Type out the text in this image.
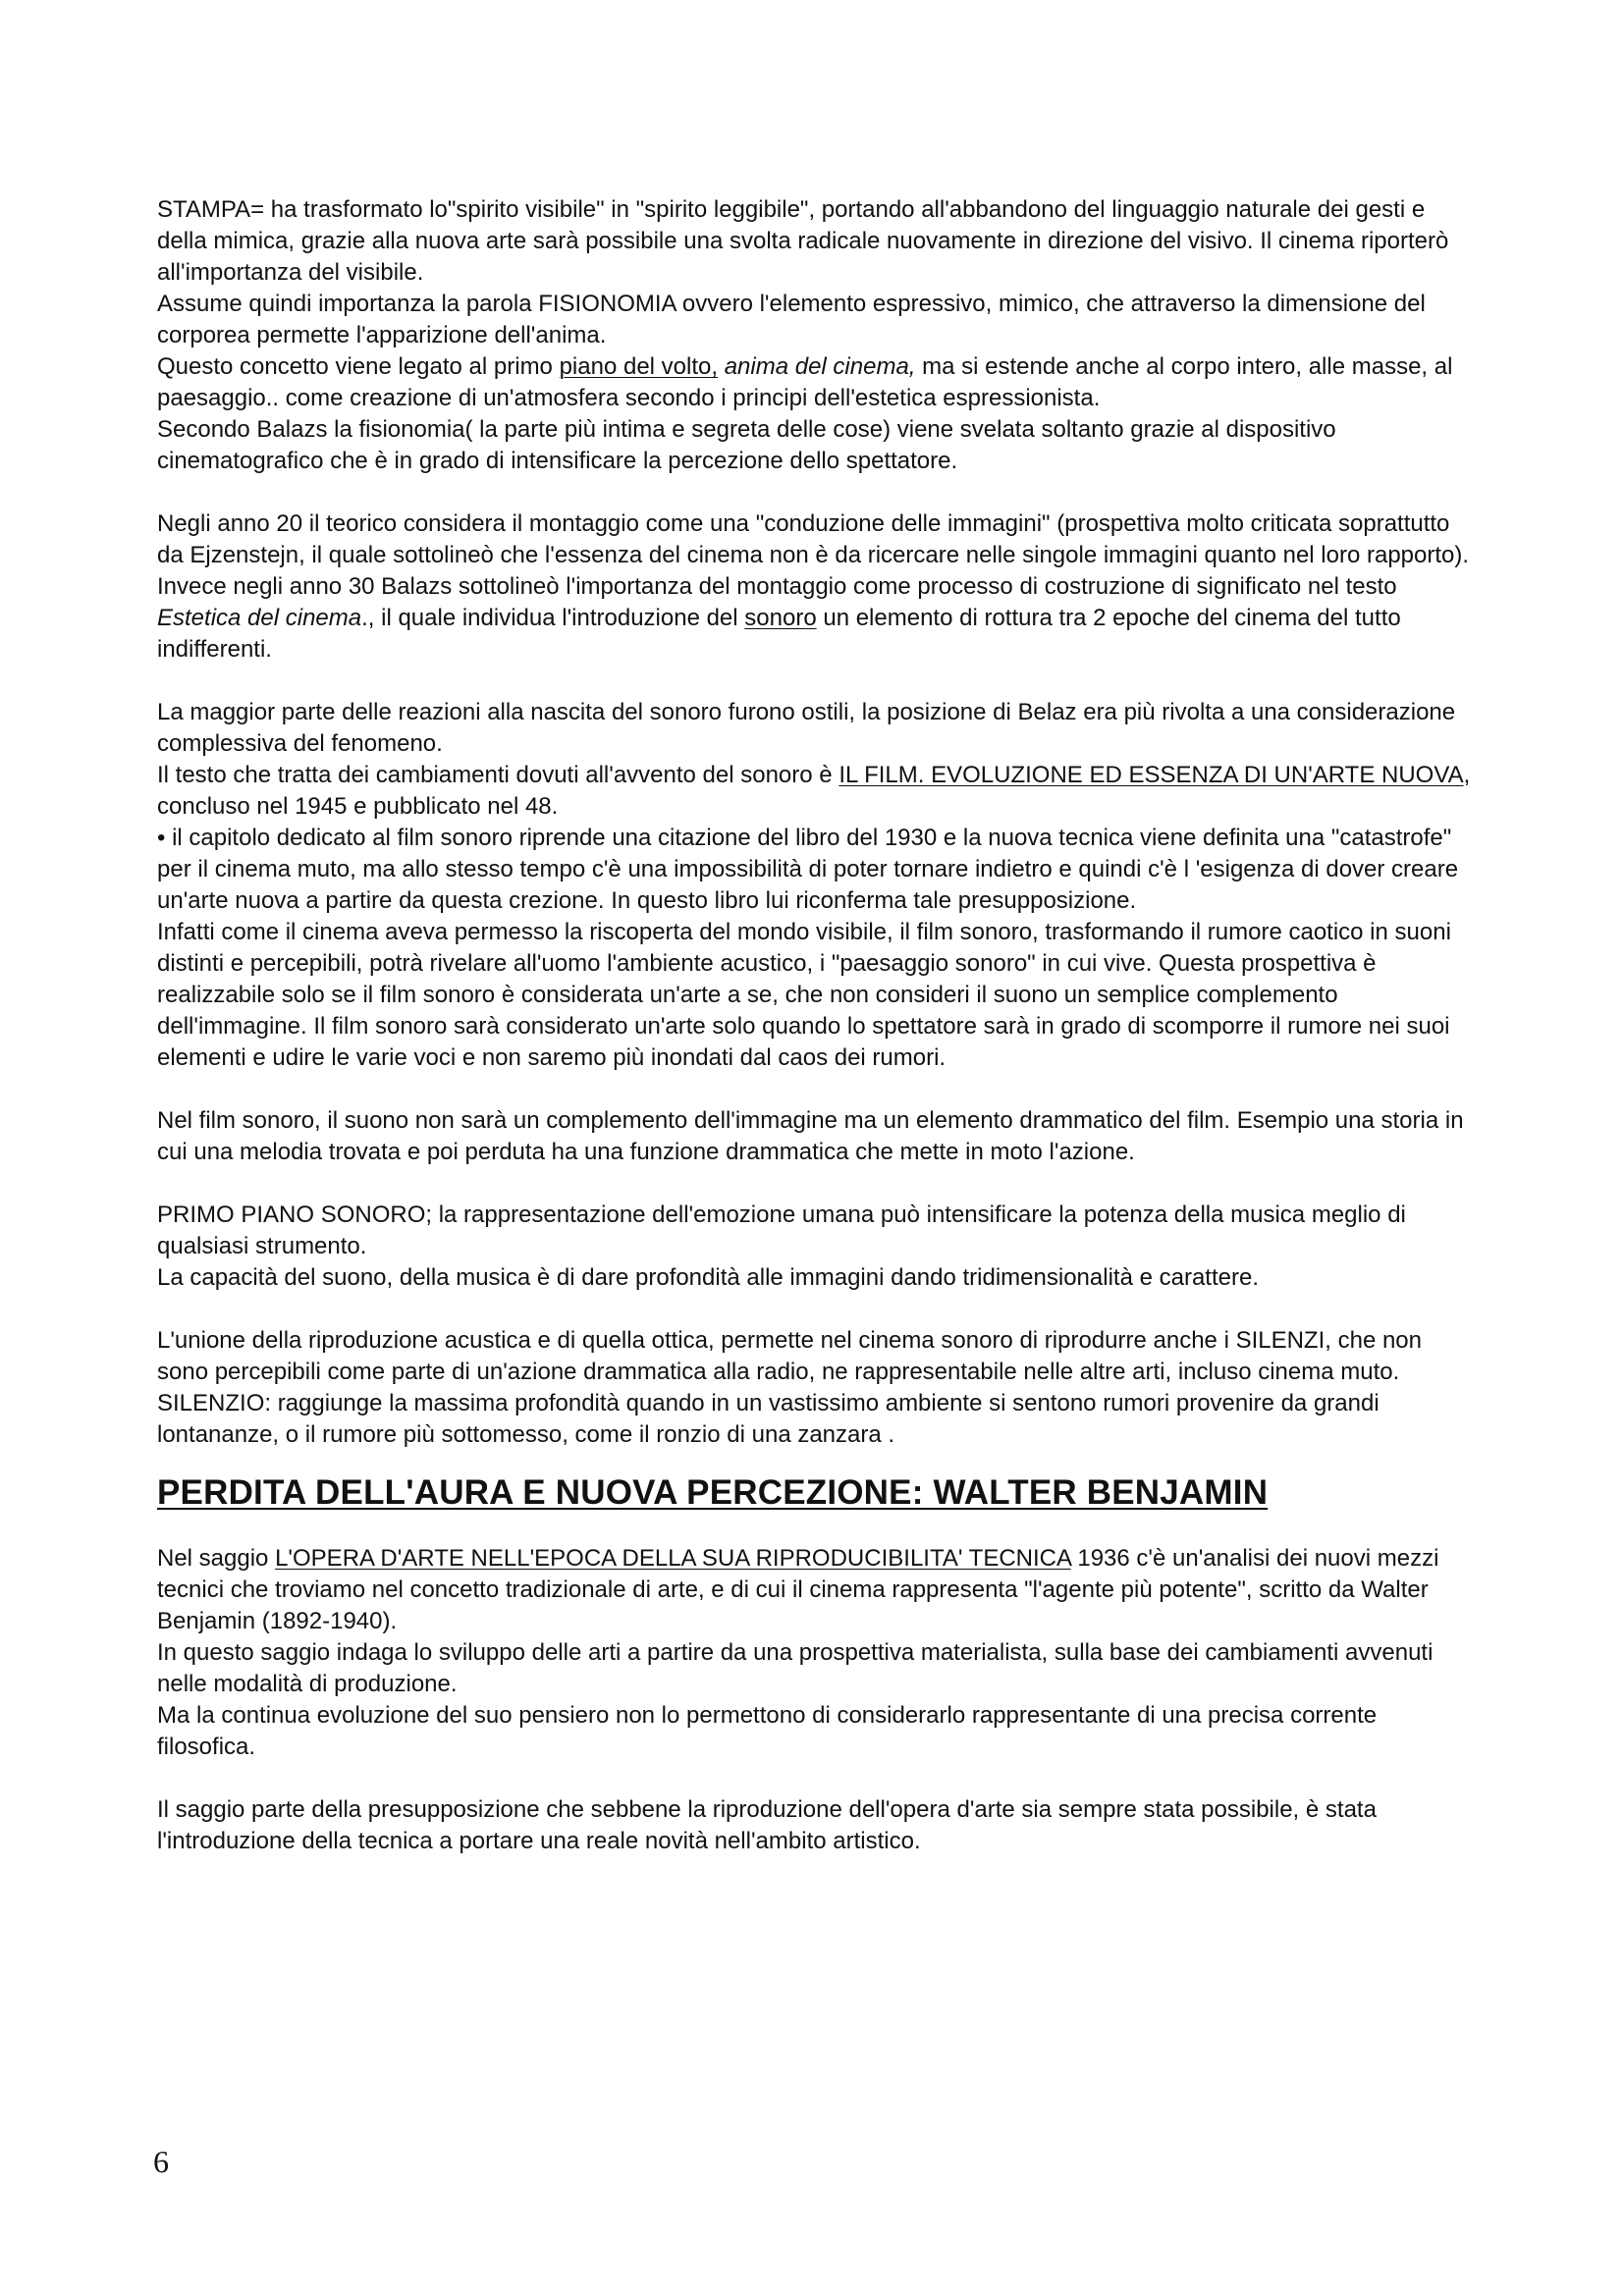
STAMPA= ha trasformato lo"spirito visibile" in "spirito leggibile", portando all'abbandono del linguaggio naturale dei gesti e della mimica, grazie alla nuova arte sarà possibile una svolta radicale nuovamente in direzione del visivo. Il cinema riporterò all'importanza del visibile.

Assume quindi importanza la parola FISIONOMIA ovvero l'elemento espressivo, mimico, che attraverso la dimensione del corporea permette l'apparizione dell'anima.

Questo concetto viene legato al primo piano del volto, anima del cinema, ma si estende anche al corpo intero, alle masse, al paesaggio.. come creazione di un'atmosfera secondo i principi dell'estetica espressionista.

Secondo Balazs la fisionomia( la parte più intima e segreta delle cose) viene svelata soltanto grazie al dispositivo cinematografico che è in grado di intensificare la percezione dello spettatore.

Negli anno 20 il teorico considera il montaggio come una "conduzione delle immagini" (prospettiva molto criticata soprattutto da Ejzenstejn, il quale sottolineò che l'essenza del cinema non è da ricercare nelle singole immagini quanto nel loro rapporto).

Invece negli anno 30 Balazs sottolineò l'importanza del montaggio come processo di costruzione di significato nel testo Estetica del cinema., il quale individua l'introduzione del sonoro un elemento di rottura tra 2 epoche del cinema del tutto indifferenti.

La maggior parte delle reazioni alla nascita del sonoro furono ostili, la posizione di Belaz era più rivolta a una considerazione complessiva del fenomeno.

Il testo che tratta dei cambiamenti dovuti all'avvento del sonoro è IL FILM. EVOLUZIONE ED ESSENZA DI UN'ARTE NUOVA, concluso nel 1945 e pubblicato nel 48.

• il capitolo dedicato al film sonoro riprende una citazione del libro del 1930 e la nuova tecnica viene definita una "catastrofe" per il cinema muto, ma allo stesso tempo c'è una impossibilità di poter tornare indietro e quindi c'è l 'esigenza di dover creare un'arte nuova a partire da questa crezione. In questo libro lui riconferma tale presupposizione.

Infatti come il cinema aveva permesso la riscoperta del mondo visibile, il film sonoro, trasformando il rumore caotico in suoni distinti e percepibili, potrà rivelare all'uomo l'ambiente acustico, i "paesaggio sonoro" in cui vive. Questa prospettiva è realizzabile solo se il film sonoro è considerata un'arte a se, che non consideri il suono un semplice complemento dell'immagine. Il film sonoro sarà considerato un'arte solo quando lo spettatore sarà in grado di scomporre il rumore nei suoi elementi e udire le varie voci e non saremo più inondati dal caos dei rumori.

Nel film sonoro, il suono non sarà un complemento dell'immagine ma un elemento drammatico del film. Esempio una storia in cui una melodia trovata e poi perduta ha una funzione drammatica che mette in moto l'azione.

PRIMO PIANO SONORO; la rappresentazione dell'emozione umana può intensificare la potenza della musica meglio di qualsiasi strumento.

La capacità del suono, della musica è di dare profondità alle immagini dando tridimensionalità e carattere.

L'unione della riproduzione acustica e di quella ottica, permette nel cinema sonoro di riprodurre anche i SILENZI, che non sono percepibili come parte di un'azione drammatica alla radio, ne rappresentabile nelle altre arti, incluso cinema muto.

SILENZIO: raggiunge la massima profondità quando in un vastissimo ambiente si sentono rumori provenire da grandi lontananze, o il rumore più sottomesso, come il ronzio di una zanzara .

PERDITA DELL'AURA E NUOVA PERCEZIONE: WALTER BENJAMIN

Nel saggio L'OPERA D'ARTE NELL'EPOCA DELLA SUA RIPRODUCIBILITA' TECNICA 1936 c'è un'analisi dei nuovi mezzi tecnici che troviamo nel concetto tradizionale di arte, e di cui il cinema rappresenta "l'agente più potente", scritto da Walter Benjamin (1892-1940).

In questo saggio indaga lo sviluppo delle arti a partire da una prospettiva materialista, sulla base dei cambiamenti avvenuti nelle modalità di produzione.

Ma la continua evoluzione del suo pensiero non lo permettono di considerarlo rappresentante di una precisa corrente filosofica.

Il saggio parte della presupposizione che sebbene la riproduzione dell'opera d'arte sia sempre stata possibile, è stata l'introduzione della tecnica a portare una reale novità nell'ambito artistico.

6
